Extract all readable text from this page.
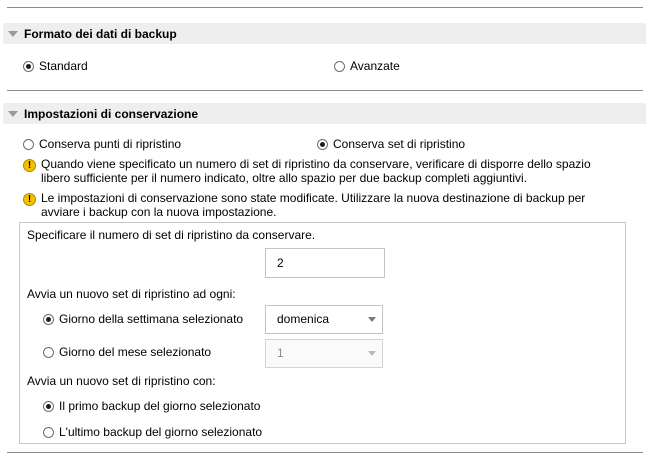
Formato dei dati di backup
Standard	Avanzate
Impostazioni di conservazione
Conserva punti di ripristino	Conserva set di ripristino
! Quando viene specificato un numero di set di ripristino da conservare, verificare di disporre dello spazio
libero sufficiente per il numero indicato, oltre allo spazio per due backup completi aggiuntivi.
! Le impostazioni di conservazione sono state modificate. Utilizzare la nuova destinazione di backup per
avviare i backup con la nuova impostazione.
Specificare il numero di set di ripristino da conservare.
2
Avvia un nuovo set di ripristino ad ogni:
Giorno della settimana selezionato	domenica
Giorno del mese selezionato	1
Avvia un nuovo set di ripristino con:
Il primo backup del giorno selezionato
L'ultimo backup del giorno selezionato
